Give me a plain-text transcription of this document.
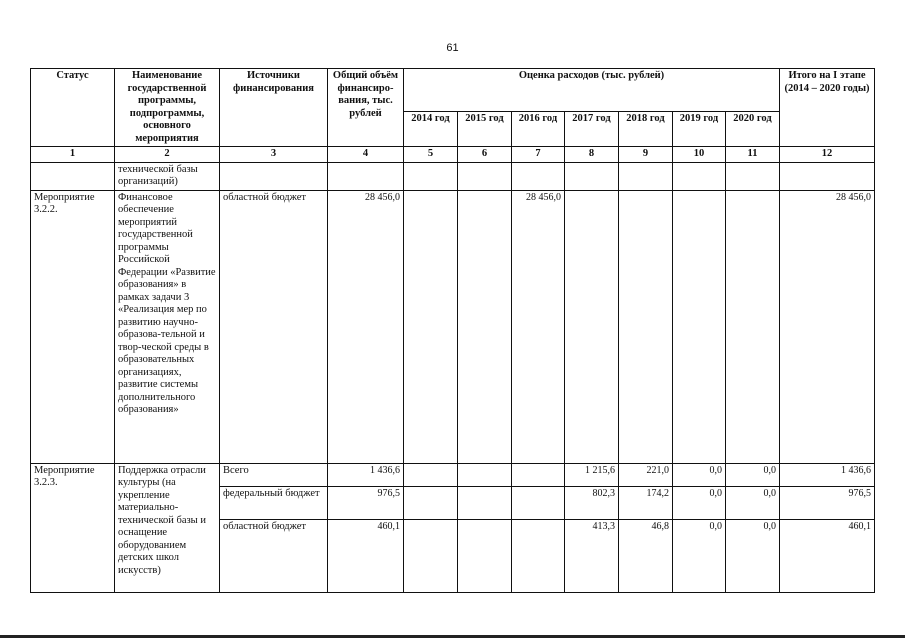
61
Статус	Наименование государственной программы, подпрограммы, основного мероприятия	Источники финансирования	Общий объём финансиро-вания, тыс. рублей	Оценка расходов (тыс. рублей)							Итого на I этапе (2014 – 2020 годы)
				2014 год	2015 год	2016 год	2017 год	2018 год	2019 год	2020 год	
1	2	3	4	5	6	7	8	9	10	11	12
	технической базы организаций)										
Мероприятие 3.2.2.	Финансовое обеспечение мероприятий государственной программы Российской Федерации «Развитие образования» в рамках задачи 3 «Реализация мер по развитию научно-образова-тельной и твор-ческой среды в образовательных организациях, развитие системы дополнительного образования»	областной бюджет	28 456,0			28 456,0					28 456,0
Мероприятие 3.2.3.	Поддержка отрасли культуры (на укрепление материально-технической базы и оснащение оборудованием детских школ искусств)	Всего	1 436,6				1 215,6	221,0	0,0	0,0	1 436,6
		федеральный бюджет	976,5				802,3	174,2	0,0	0,0	976,5
		областной бюджет	460,1				413,3	46,8	0,0	0,0	460,1
